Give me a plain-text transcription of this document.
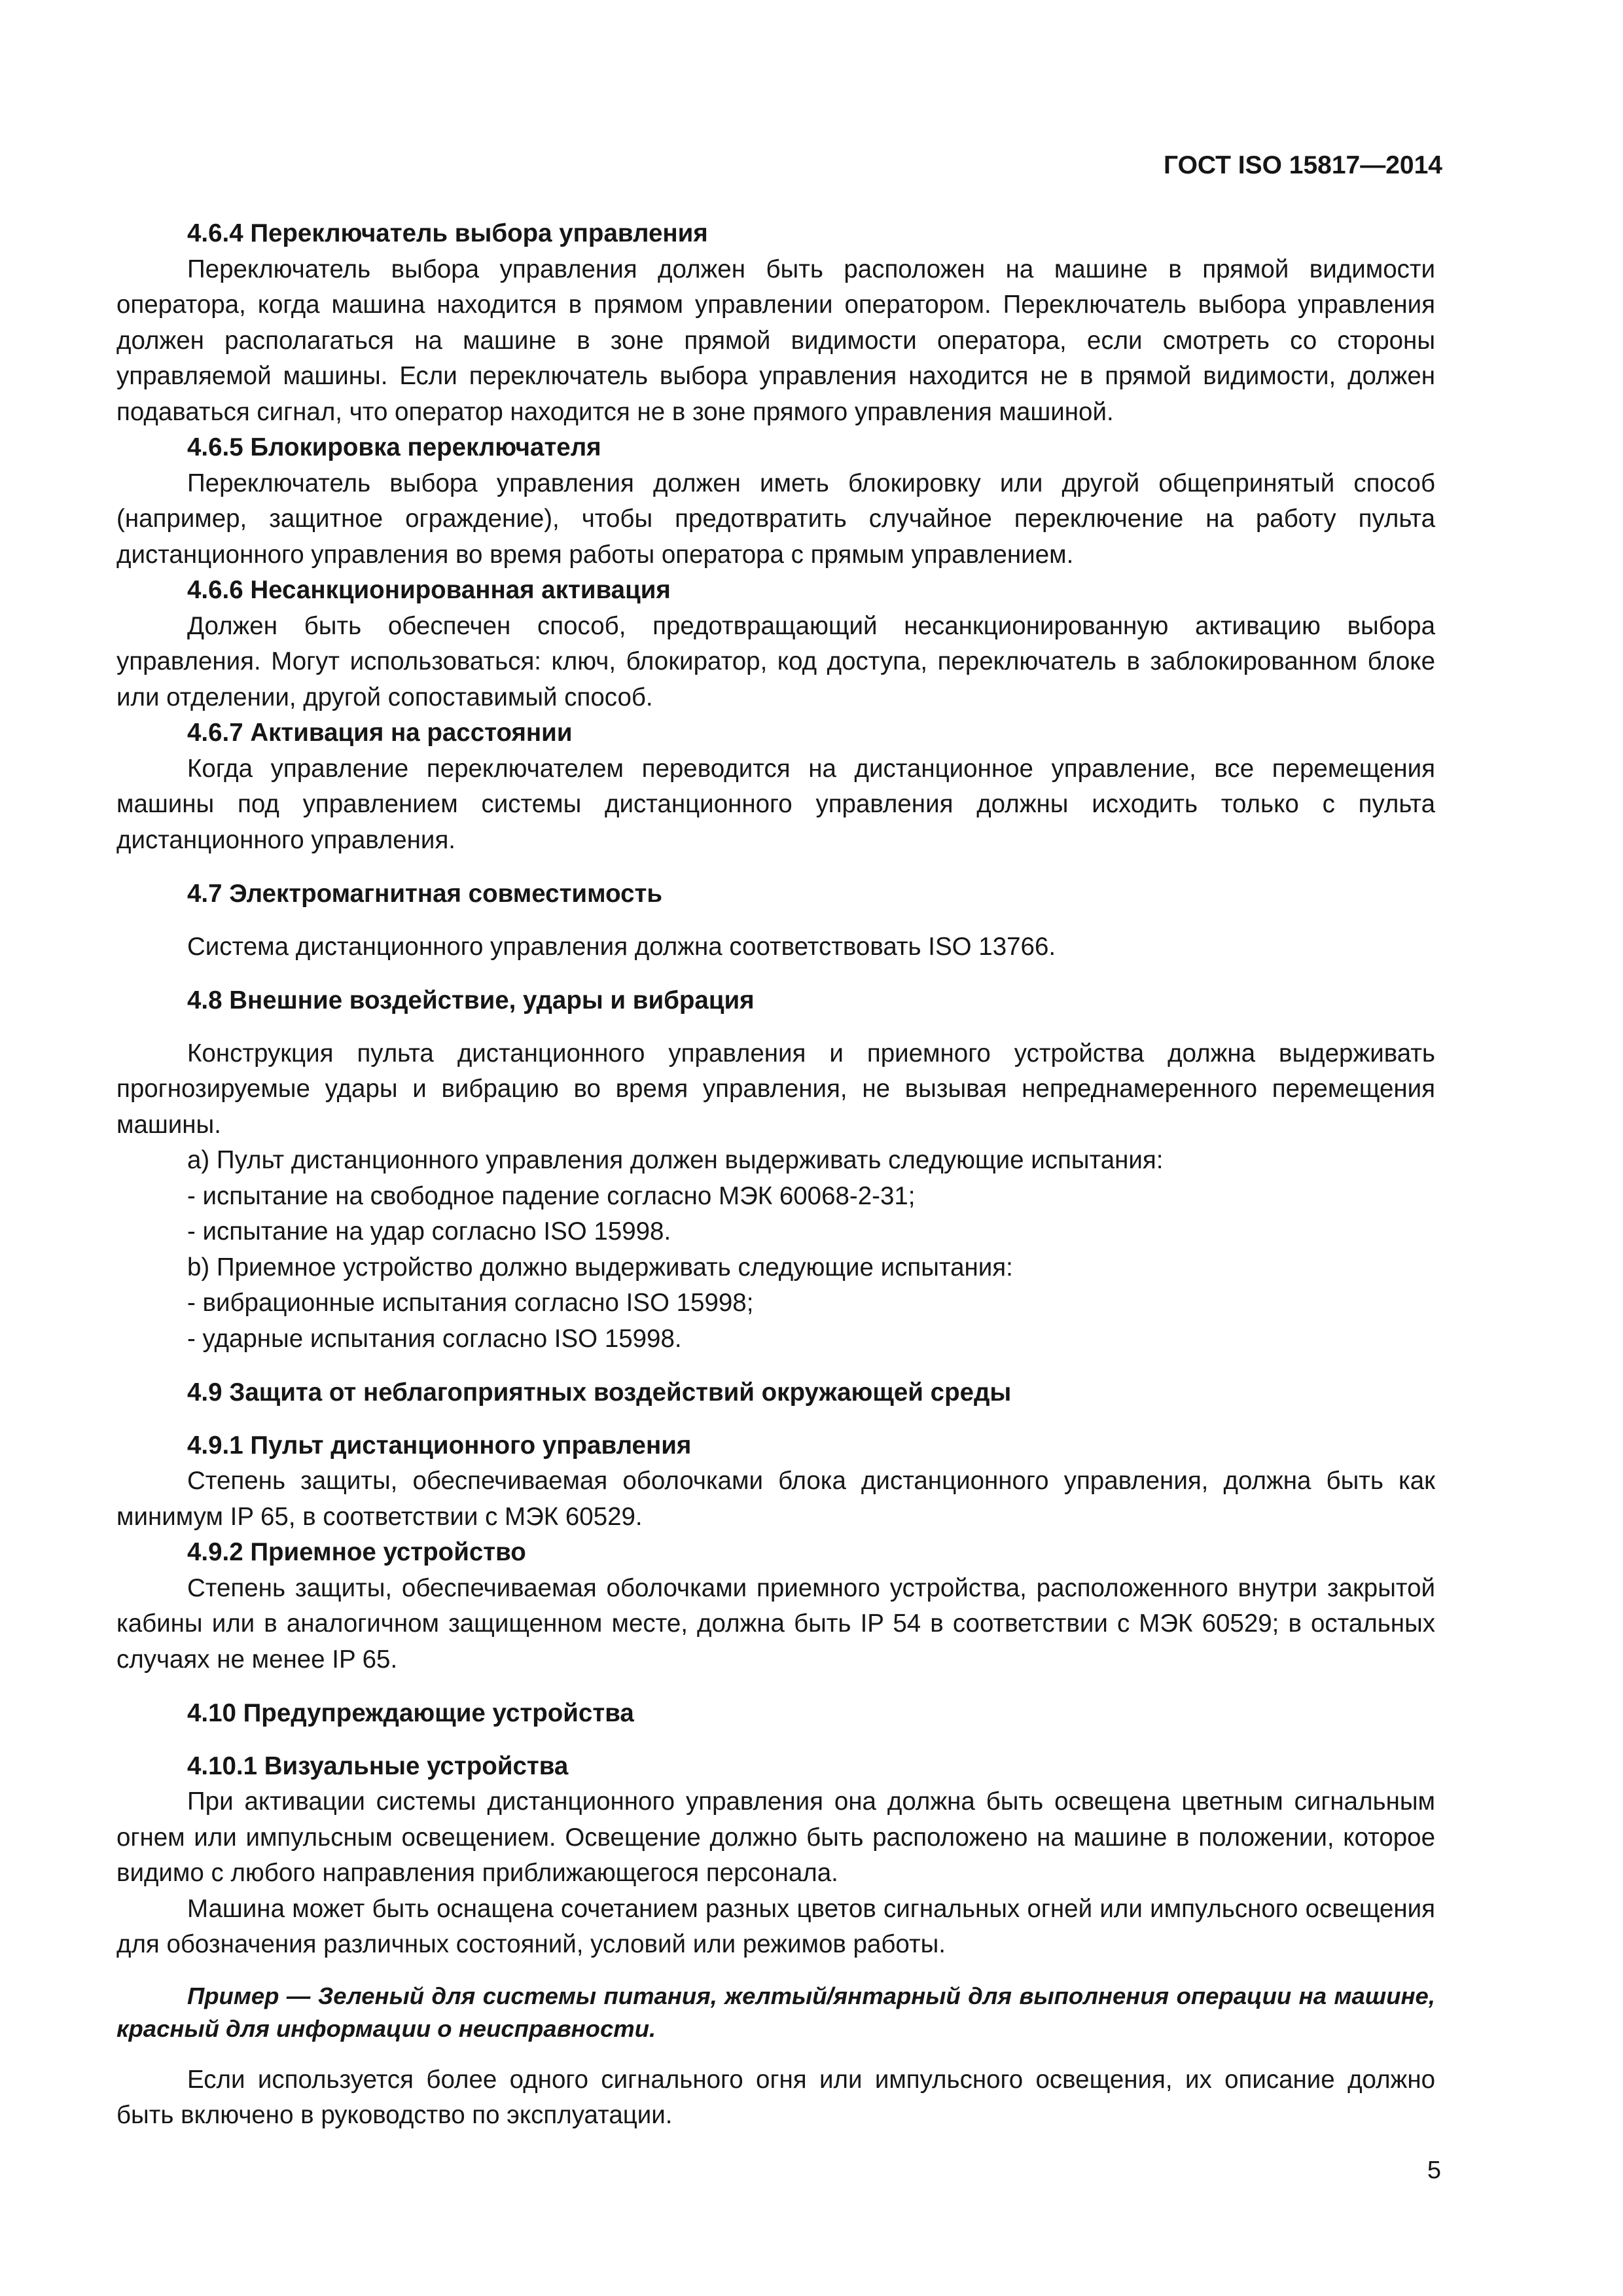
ГОСТ ISO 15817—2014

4.6.4 Переключатель выбора управления

Переключатель выбора управления должен быть расположен на машине в прямой видимости оператора, когда машина находится в прямом управлении оператором. Переключатель выбора управления должен располагаться на машине в зоне прямой видимости оператора, если смотреть со стороны управляемой машины. Если переключатель выбора управления находится не в прямой видимости, должен подаваться сигнал, что оператор находится не в зоне прямого управления машиной.

4.6.5 Блокировка переключателя

Переключатель выбора управления должен иметь блокировку или другой общепринятый способ (например, защитное ограждение), чтобы предотвратить случайное переключение на работу пульта дистанционного управления во время работы оператора с прямым управлением.

4.6.6 Несанкционированная активация

Должен быть обеспечен способ, предотвращающий несанкционированную активацию выбора управления. Могут использоваться: ключ, блокиратор, код доступа, переключатель в заблокированном блоке или отделении, другой сопоставимый способ.

4.6.7 Активация на расстоянии

Когда управление переключателем переводится на дистанционное управление, все перемещения машины под управлением системы дистанционного управления должны исходить только с пульта дистанционного управления.

4.7 Электромагнитная совместимость

Система дистанционного управления должна соответствовать ISO 13766.

4.8 Внешние воздействие, удары и вибрация

Конструкция пульта дистанционного управления и приемного устройства должна выдерживать прогнозируемые удары и вибрацию во время управления, не вызывая непреднамеренного перемещения машины.

а) Пульт дистанционного управления должен выдерживать следующие испытания:

- испытание на свободное падение согласно МЭК 60068-2-31;

- испытание на удар согласно ISO 15998.

b) Приемное устройство должно выдерживать следующие испытания:

- вибрационные испытания согласно ISO 15998;

- ударные испытания согласно ISO 15998.

4.9 Защита от неблагоприятных воздействий окружающей среды

4.9.1 Пульт дистанционного управления

Степень защиты, обеспечиваемая оболочками блока дистанционного управления, должна быть как минимум IP 65, в соответствии с МЭК 60529.

4.9.2 Приемное устройство

Степень защиты, обеспечиваемая оболочками приемного устройства, расположенного внутри закрытой кабины или в аналогичном защищенном месте, должна быть IP 54 в соответствии с МЭК 60529; в остальных случаях не менее IP 65.

4.10 Предупреждающие устройства

4.10.1 Визуальные устройства

При активации системы дистанционного управления она должна быть освещена цветным сигнальным огнем или импульсным освещением. Освещение должно быть расположено на машине в положении, которое видимо с любого направления приближающегося персонала.

Машина может быть оснащена сочетанием разных цветов сигнальных огней или импульсного освещения для обозначения различных состояний, условий или режимов работы.

Пример — Зеленый для системы питания, желтый/янтарный для выполнения операции на машине, красный для информации о неисправности.

Если используется более одного сигнального огня или импульсного освещения, их описание должно быть включено в руководство по эксплуатации.

5
